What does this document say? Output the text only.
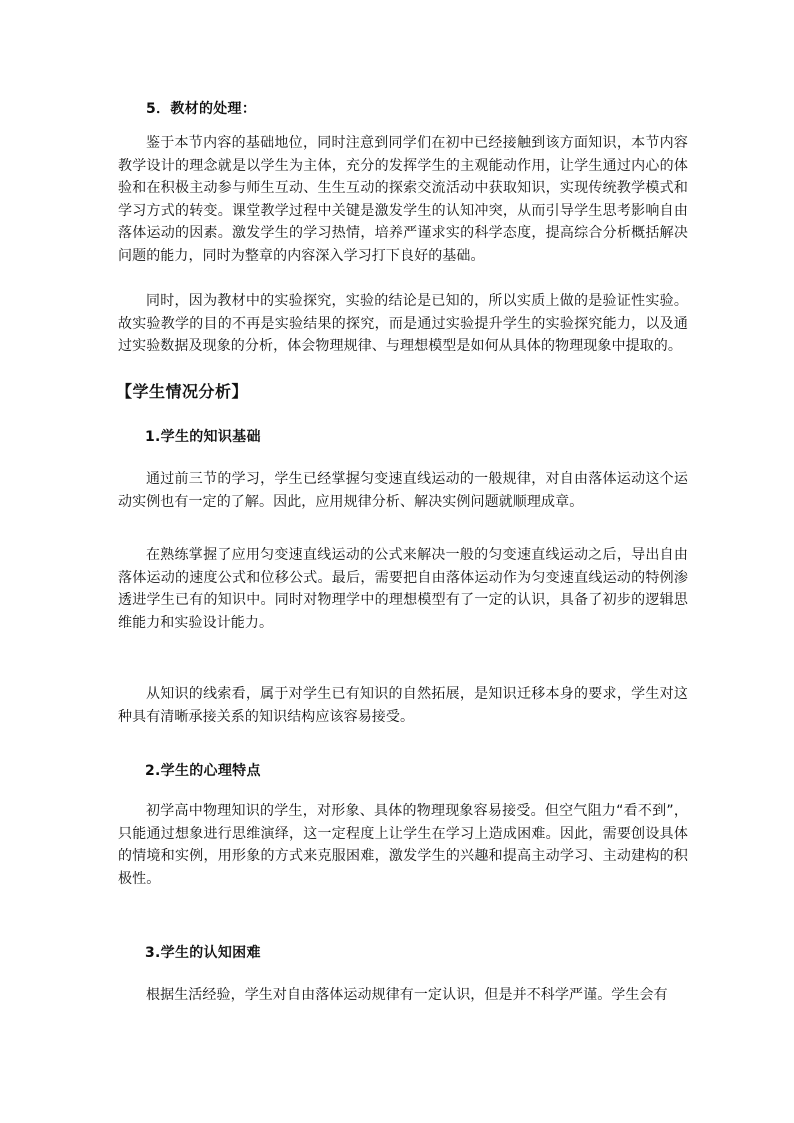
5．教材的处理：

鉴于本节内容的基础地位，同时注意到同学们在初中已经接触到该方面知识，本节内容教学设计的理念就是以学生为主体，充分的发挥学生的主观能动作用，让学生通过内心的体验和在积极主动参与师生互动、生生互动的探索交流活动中获取知识，实现传统教学模式和学习方式的转变。课堂教学过程中关键是激发学生的认知冲突，从而引导学生思考影响自由落体运动的因素。激发学生的学习热情，培养严谨求实的科学态度，提高综合分析概括解决问题的能力，同时为整章的内容深入学习打下良好的基础。

同时，因为教材中的实验探究，实验的结论是已知的，所以实质上做的是验证性实验。故实验教学的目的不再是实验结果的探究，而是通过实验提升学生的实验探究能力，以及通过实验数据及现象的分析，体会物理规律、与理想模型是如何从具体的物理现象中提取的。

【学生情况分析】

1.学生的知识基础

通过前三节的学习，学生已经掌握匀变速直线运动的一般规律，对自由落体运动这个运动实例也有一定的了解。因此，应用规律分析、解决实例问题就顺理成章。

在熟练掌握了应用匀变速直线运动的公式来解决一般的匀变速直线运动之后，导出自由落体运动的速度公式和位移公式。最后，需要把自由落体运动作为匀变速直线运动的特例渗透进学生已有的知识中。同时对物理学中的理想模型有了一定的认识，具备了初步的逻辑思维能力和实验设计能力。

从知识的线索看，属于对学生已有知识的自然拓展，是知识迁移本身的要求，学生对这种具有清晰承接关系的知识结构应该容易接受。

2.学生的心理特点

初学高中物理知识的学生，对形象、具体的物理现象容易接受。但空气阻力“看不到”，只能通过想象进行思维演绎，这一定程度上让学生在学习上造成困难。因此，需要创设具体的情境和实例，用形象的方式来克服困难，激发学生的兴趣和提高主动学习、主动建构的积极性。

3.学生的认知困难

根据生活经验，学生对自由落体运动规律有一定认识，但是并不科学严谨。学生会有
